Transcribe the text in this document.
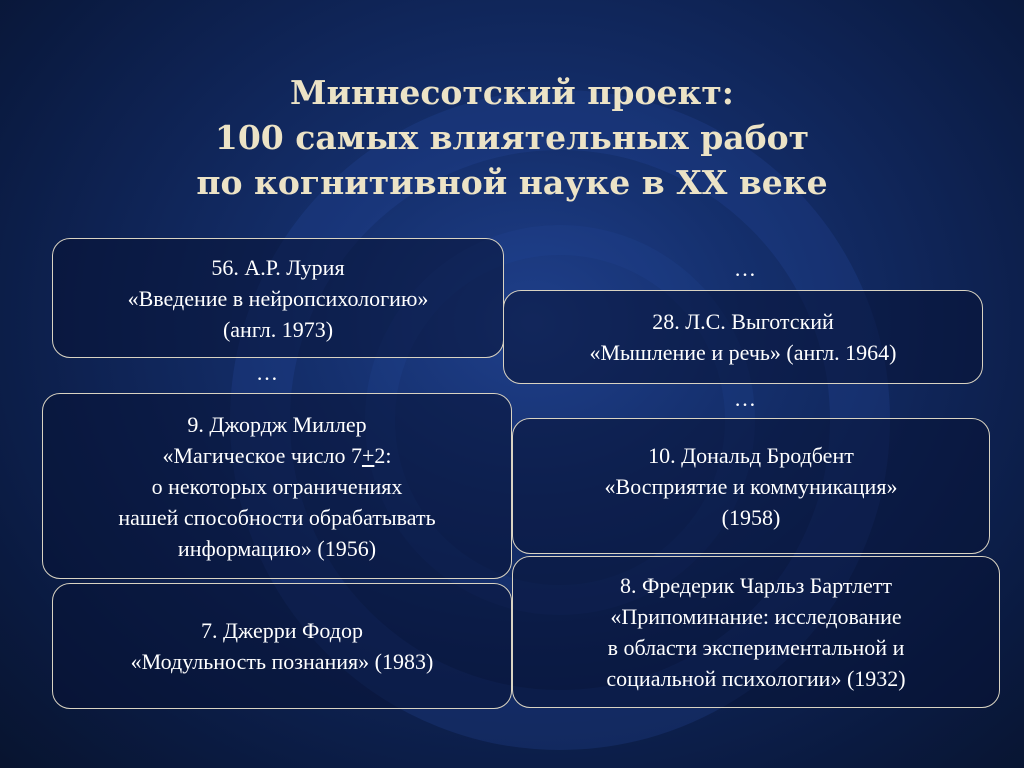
Миннесотский проект:
100 самых влиятельных работ
по когнитивной науке в XX веке
56. А.Р. Лурия
«Введение в нейропсихологию»
(англ. 1973)
…
9. Джордж Миллер
«Магическое число 7+2:
о некоторых ограничениях
нашей способности обрабатывать
информацию» (1956)
7. Джерри Фодор
«Модульность познания» (1983)
…
28. Л.С. Выготский
«Мышление и речь» (англ. 1964)
…
10. Дональд Бродбент
«Восприятие и коммуникация»
(1958)
8. Фредерик Чарльз Бартлетт
«Припоминание: исследование
в области экспериментальной и
социальной психологии» (1932)
